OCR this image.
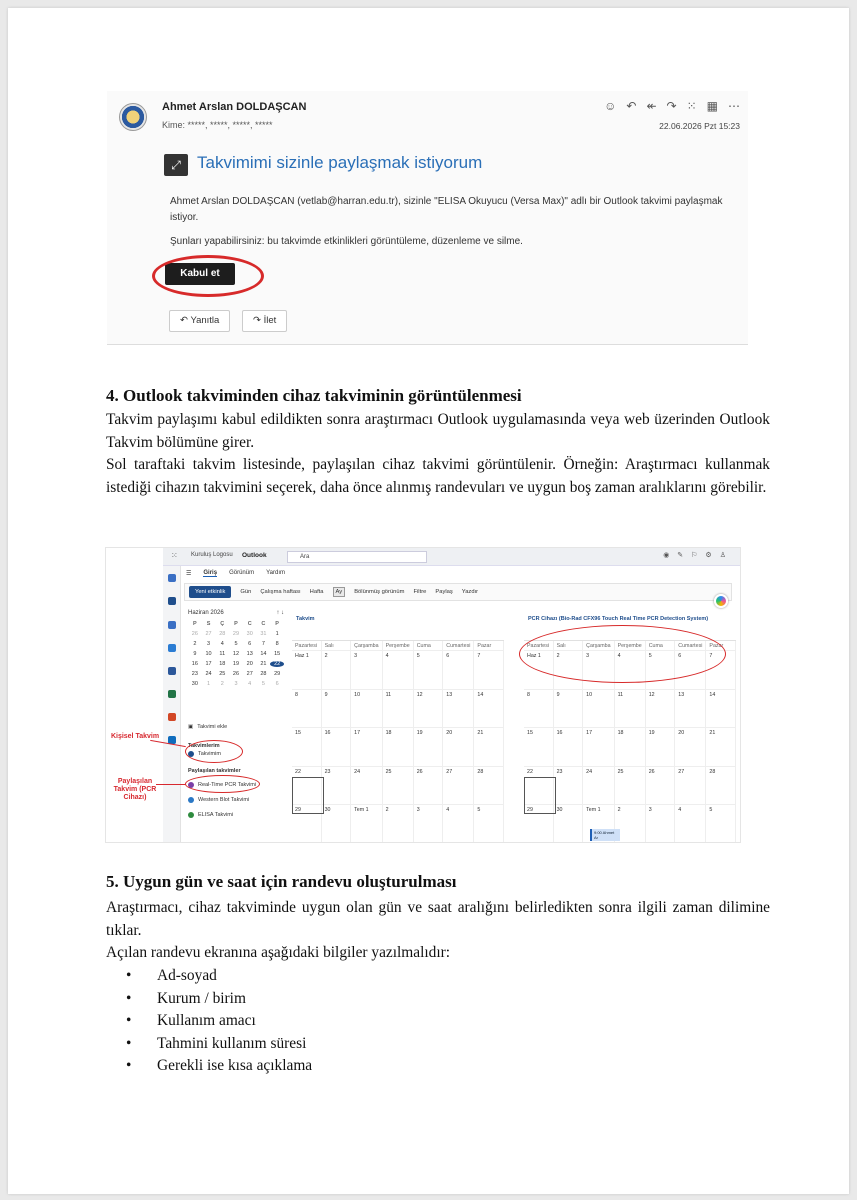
Ahmet Arslan DOLDAŞCAN
Kime: *****, *****, *****, *****
☺ ↶ ↞ ↷ ⁙ ▦ ⋯
22.06.2026 Pzt 15:23
⤢ Takvimimi sizinle paylaşmak istiyorum
Ahmet Arslan DOLDAŞCAN (vetlab@harran.edu.tr), sizinle "ELISA Okuyucu (Versa Max)" adlı bir Outlook takvimi paylaşmak istiyor.
Şunları yapabilirsiniz: bu takvimde etkinlikleri görüntüleme, düzenleme ve silme.
Kabul et
↶ Yanıtla	↷ İlet
4. Outlook takviminden cihaz takviminin görüntülenmesi

Takvim paylaşımı kabul edildikten sonra araştırmacı Outlook uygulamasında veya web üzerinden Outlook Takvim bölümüne girer.

Sol taraftaki takvim listesinde, paylaşılan cihaz takvimi görüntülenir. Örneğin: Araştırmacı kullanmak istediği cihazın takvimini seçerek, daha önce alınmış randevuları ve uygun boş zaman aralıklarını görebilir.

⁙ Kuruluş Logosu Outlook	Ara	◉✎⚐⚙♙
☰ Giriş Görünüm Yardım
Yeni etkinlik	Gün Çalışma haftası Hafta	Ay	Bölünmüş görünüm Filtre Paylaş Yazdır
Haziran 2026	↑ ↓
P	S	Ç	P	C	C	P
26	27	28	29	30	31	1
2	3	4	5	6	7	8
9	10	11	12	13	14	15
16	17	18	19	20	21	22
23	24	25	26	27	28	29
30	1	2	3	4	5	6
▣ Takvimi ekle
Takvimlerim
Takvimim
Paylaşılan takvimler
Real-Time PCR Takvimi
Western Blot Takvimi
ELISA Takvimi
Kişisel Takvim
Paylaşılan Takvim (PCR Cihazı)
Takvim
Pazartesi	Salı	Çarşamba	Perşembe	Cuma	Cumartesi	Pazar
Haz 1	2	3	4	5	6	7
8	9	10	11	12	13	14
15	16	17	18	19	20	21
22	23	24	25	26	27	28
29	30	Tem 1	2	3	4	5
PCR Cihazı (Bio-Rad CFX96 Touch Real Time PCR Detection System)
Pazartesi	Salı	Çarşamba	Perşembe	Cuma	Cumartesi	Pazar
Haz 1	2	3	4	5	6	7
8	9	10	11	12	13	14
15	16	17	18	19	20	21
22	23	24	25	26	27	28
29	30	Tem 1	2	3	4	5
9:00 Ahmet Ar
5. Uygun gün ve saat için randevu oluşturulması

Araştırmacı, cihaz takviminde uygun olan gün ve saat aralığını belirledikten sonra ilgili zaman dilimine tıklar.

Açılan randevu ekranına aşağıdaki bilgiler yazılmalıdır:

• Ad-soyad
• Kurum / birim
• Kullanım amacı
• Tahmini kullanım süresi
• Gerekli ise kısa açıklama
